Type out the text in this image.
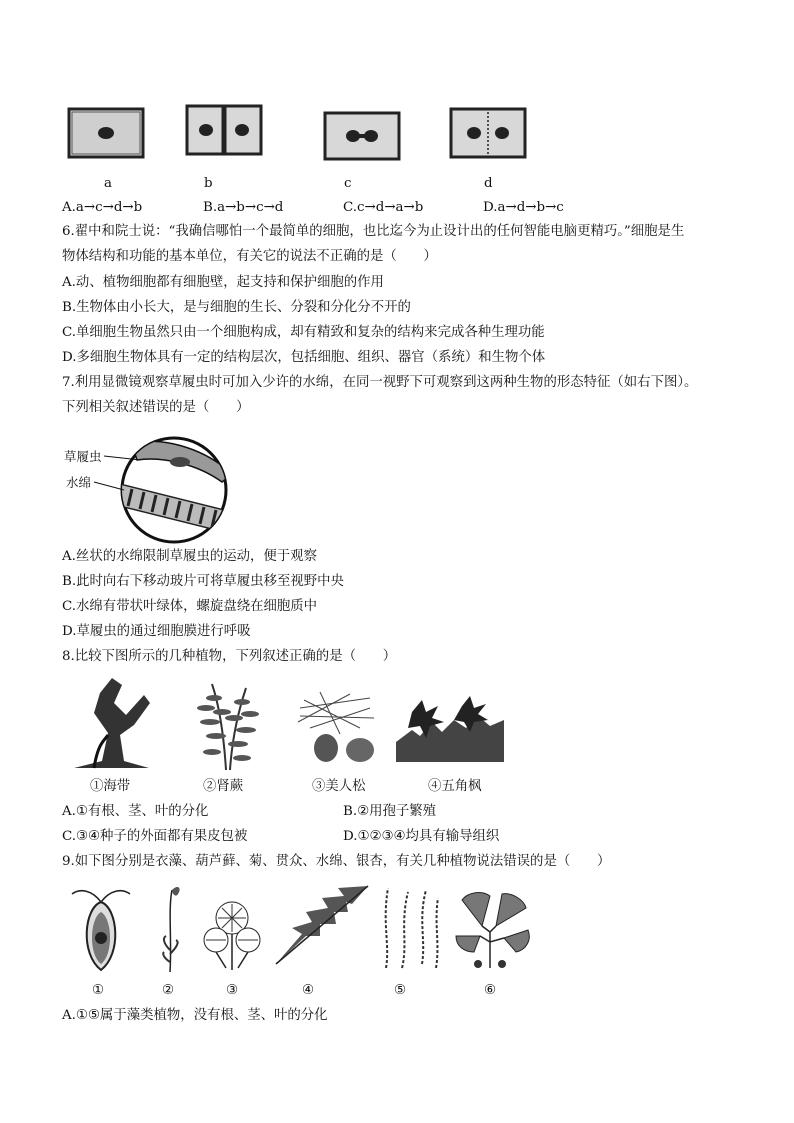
a	b	c	d
A.a→c→d→b	B.a→b→c→d	C.c→d→a→b	D.a→d→b→c
6.翟中和院士说：“我确信哪怕一个最简单的细胞，也比迄今为止设计出的任何智能电脑更精巧。”细胞是生
物体结构和功能的基本单位，有关它的说法不正确的是（　　）
A.动、植物细胞都有细胞壁，起支持和保护细胞的作用
B.生物体由小长大，是与细胞的生长、分裂和分化分不开的
C.单细胞生物虽然只由一个细胞构成，却有精致和复杂的结构来完成各种生理功能
D.多细胞生物体具有一定的结构层次，包括细胞、组织、器官（系统）和生物个体
7.利用显微镜观察草履虫时可加入少许的水绵，在同一视野下可观察到这两种生物的形态特征（如右下图）。
下列相关叙述错误的是（　　）
草履虫
水绵
A.丝状的水绵限制草履虫的运动，便于观察
B.此时向右下移动玻片可将草履虫移至视野中央
C.水绵有带状叶绿体，螺旋盘绕在细胞质中
D.草履虫的通过细胞膜进行呼吸
8.比较下图所示的几种植物，下列叙述正确的是（　　）
①海带	②肾蕨	③美人松	④五角枫
A.①有根、茎、叶的分化	B.②用孢子繁殖
C.③④种子的外面都有果皮包被	D.①②③④均具有输导组织
9.如下图分别是衣藻、葫芦藓、菊、贯众、水绵、银杏，有关几种植物说法错误的是（　　）
①	②	③	④	⑤	⑥
A.①⑤属于藻类植物，没有根、茎、叶的分化
